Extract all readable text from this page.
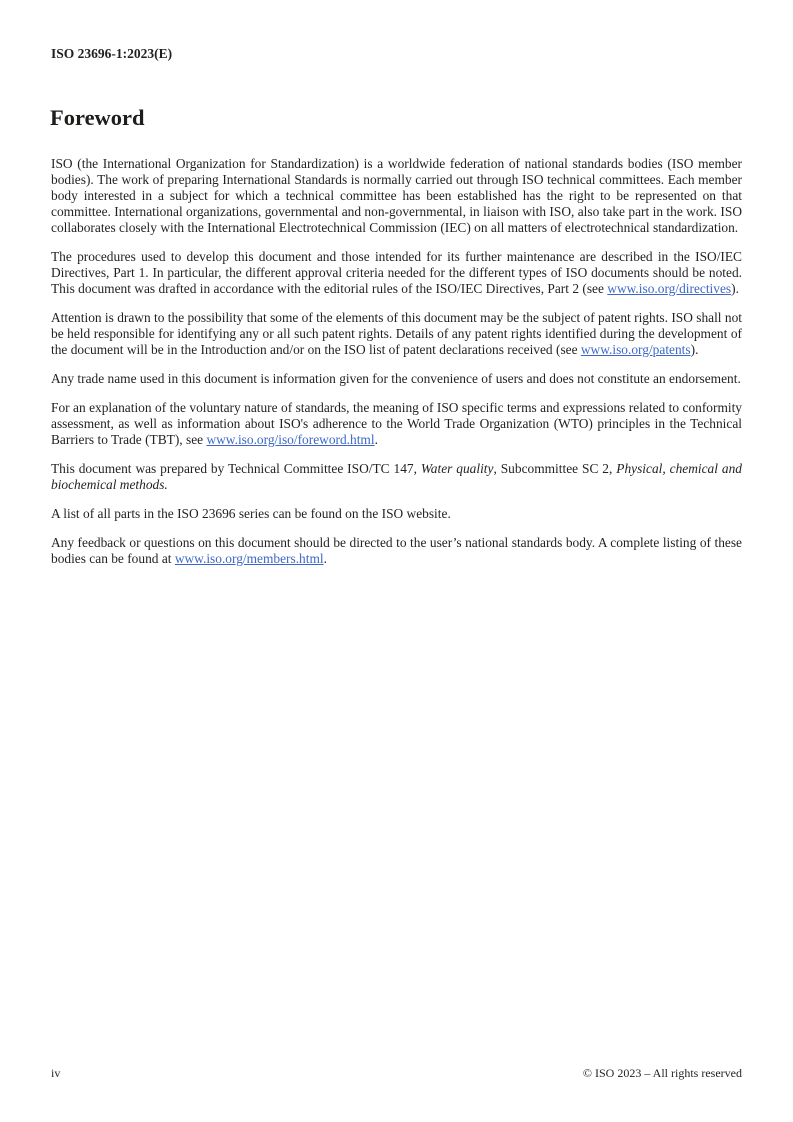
ISO 23696-1:2023(E)
Foreword

ISO (the International Organization for Standardization) is a worldwide federation of national standards bodies (ISO member bodies). The work of preparing International Standards is normally carried out through ISO technical committees. Each member body interested in a subject for which a technical committee has been established has the right to be represented on that committee. International organizations, governmental and non-governmental, in liaison with ISO, also take part in the work. ISO collaborates closely with the International Electrotechnical Commission (IEC) on all matters of electrotechnical standardization.

The procedures used to develop this document and those intended for its further maintenance are described in the ISO/IEC Directives, Part 1. In particular, the different approval criteria needed for the different types of ISO documents should be noted. This document was drafted in accordance with the editorial rules of the ISO/IEC Directives, Part 2 (see www.iso.org/directives).

Attention is drawn to the possibility that some of the elements of this document may be the subject of patent rights. ISO shall not be held responsible for identifying any or all such patent rights. Details of any patent rights identified during the development of the document will be in the Introduction and/or on the ISO list of patent declarations received (see www.iso.org/patents).

Any trade name used in this document is information given for the convenience of users and does not constitute an endorsement.

For an explanation of the voluntary nature of standards, the meaning of ISO specific terms and expressions related to conformity assessment, as well as information about ISO's adherence to the World Trade Organization (WTO) principles in the Technical Barriers to Trade (TBT), see www.iso.org/iso/foreword.html.

This document was prepared by Technical Committee ISO/TC 147, Water quality, Subcommittee SC 2, Physical, chemical and biochemical methods.

A list of all parts in the ISO 23696 series can be found on the ISO website.

Any feedback or questions on this document should be directed to the user’s national standards body. A complete listing of these bodies can be found at www.iso.org/members.html.

iv	© ISO 2023 – All rights reserved
